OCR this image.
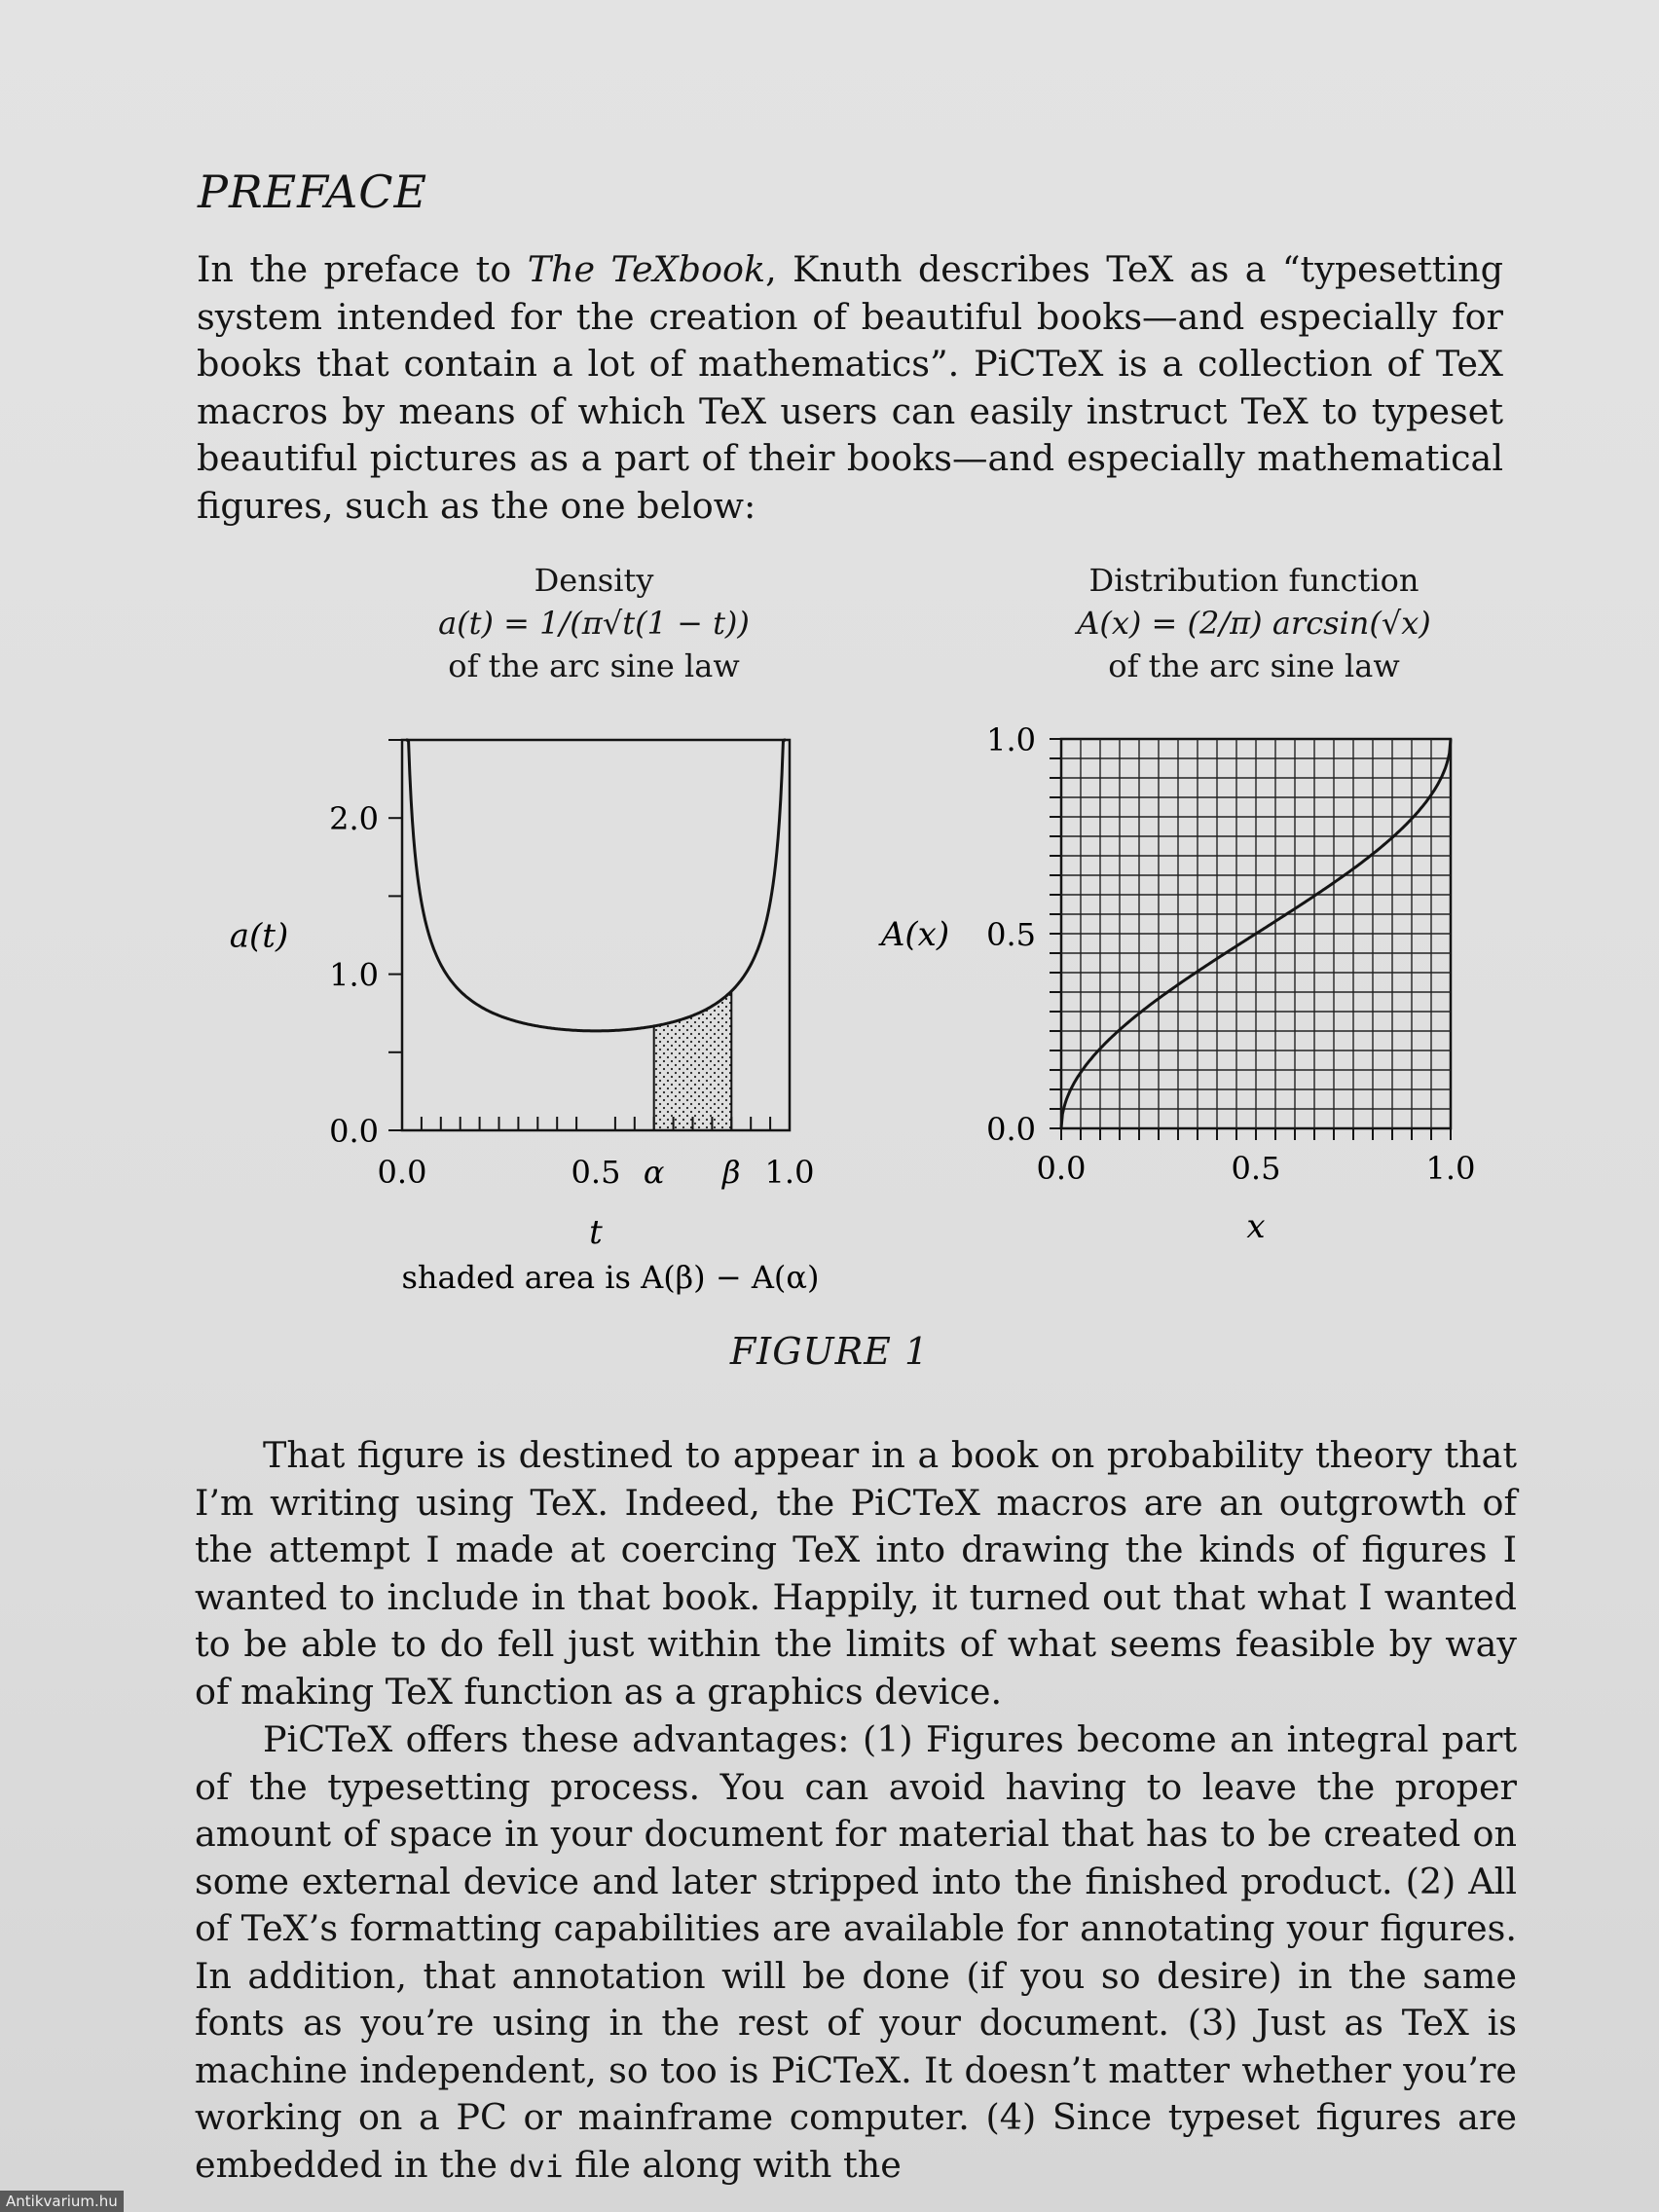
PREFACE
In the preface to The TeXbook, Knuth describes TeX as a “typesetting system intended for the creation of beautiful books—and especially for books that contain a lot of mathematics”. PiCTeX is a collection of TeX macros by means of which TeX users can easily instruct TeX to typeset beautiful pictures as a part of their books—and especially mathematical figures, such as the one below:
Density
a(t) = 1/(π√t(1 − t))
of the arc sine law
Distribution function
A(x) = (2/π) arcsin(√x)
of the arc sine law
0.0	0.5	1.0
α β
0.0
1.0
2.0
a(t)
t
shaded area is A(β) − A(α)
0.0	0.5	1.0
0.0
0.5
1.0
A(x)
x
FIGURE 1
That figure is destined to appear in a book on probability theory that I’m writing using TeX. Indeed, the PiCTeX macros are an outgrowth of the attempt I made at coercing TeX into drawing the kinds of figures I wanted to include in that book. Happily, it turned out that what I wanted to be able to do fell just within the limits of what seems feasible by way of making TeX function as a graphics device.
PiCTeX offers these advantages: (1) Figures become an integral part of the typesetting process. You can avoid having to leave the proper amount of space in your document for material that has to be created on some external device and later stripped into the finished product. (2) All of TeX’s formatting capabilities are available for annotating your figures. In addition, that annotation will be done (if you so desire) in the same fonts as you’re using in the rest of your document. (3) Just as TeX is machine independent, so too is PiCTeX. It doesn’t matter whether you’re working on a PC or mainframe computer. (4) Since typeset figures are embedded in the dvi file along with the
Antikvarium.hu
